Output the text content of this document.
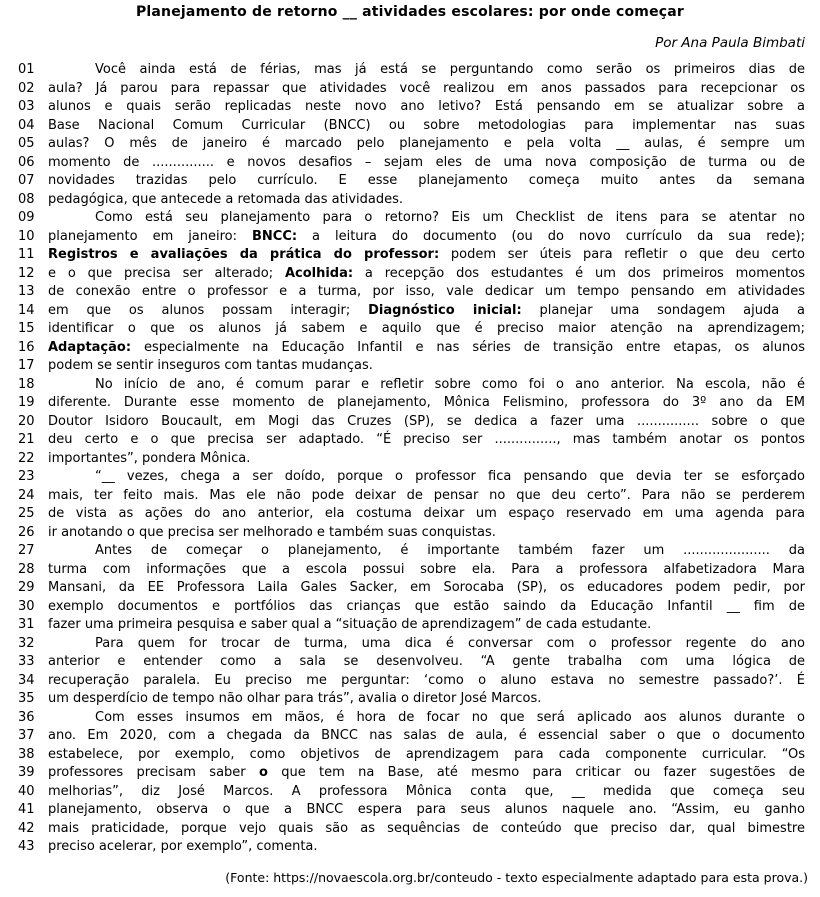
Planejamento de retorno __ atividades escolares: por onde começar
Por Ana Paula Bimbati
01	Você ainda está de férias, mas já está se perguntando como serão os primeiros dias de
02	aula? Já parou para repassar que atividades você realizou em anos passados para recepcionar os
03	alunos e quais serão replicadas neste novo ano letivo? Está pensando em se atualizar sobre a
04	Base Nacional Comum Curricular (BNCC) ou sobre metodologias para implementar nas suas
05	aulas? O mês de janeiro é marcado pelo planejamento e pela volta __ aulas, é sempre um
06	momento de ............... e novos desafios – sejam eles de uma nova composição de turma ou de
07	novidades trazidas pelo currículo. E esse planejamento começa muito antes da semana
08	pedagógica, que antecede a retomada das atividades.
09	Como está seu planejamento para o retorno? Eis um Checklist de itens para se atentar no
10	planejamento em janeiro: BNCC: a leitura do documento (ou do novo currículo da sua rede);
11	Registros e avaliações da prática do professor: podem ser úteis para refletir o que deu certo
12	e o que precisa ser alterado; Acolhida: a recepção dos estudantes é um dos primeiros momentos
13	de conexão entre o professor e a turma, por isso, vale dedicar um tempo pensando em atividades
14	em que os alunos possam interagir; Diagnóstico inicial: planejar uma sondagem ajuda a
15	identificar o que os alunos já sabem e aquilo que é preciso maior atenção na aprendizagem;
16	Adaptação: especialmente na Educação Infantil e nas séries de transição entre etapas, os alunos
17	podem se sentir inseguros com tantas mudanças.
18	No início de ano, é comum parar e refletir sobre como foi o ano anterior. Na escola, não é
19	diferente. Durante esse momento de planejamento, Mônica Felismino, professora do 3º ano da EM
20	Doutor Isidoro Boucault, em Mogi das Cruzes (SP), se dedica a fazer uma ............... sobre o que
21	deu certo e o que precisa ser adaptado. “É preciso ser ..............., mas também anotar os pontos
22	importantes”, pondera Mônica.
23	“__ vezes, chega a ser doído, porque o professor fica pensando que devia ter se esforçado
24	mais, ter feito mais. Mas ele não pode deixar de pensar no que deu certo”. Para não se perderem
25	de vista as ações do ano anterior, ela costuma deixar um espaço reservado em uma agenda para
26	ir anotando o que precisa ser melhorado e também suas conquistas.
27	Antes de começar o planejamento, é importante também fazer um ..................... da
28	turma com informações que a escola possui sobre ela. Para a professora alfabetizadora Mara
29	Mansani, da EE Professora Laila Gales Sacker, em Sorocaba (SP), os educadores podem pedir, por
30	exemplo documentos e portfólios das crianças que estão saindo da Educação Infantil __ fim de
31	fazer uma primeira pesquisa e saber qual a “situação de aprendizagem” de cada estudante.
32	Para quem for trocar de turma, uma dica é conversar com o professor regente do ano
33	anterior e entender como a sala se desenvolveu. “A gente trabalha com uma lógica de
34	recuperação paralela. Eu preciso me perguntar: ‘como o aluno estava no semestre passado?’. É
35	um desperdício de tempo não olhar para trás”, avalia o diretor José Marcos.
36	Com esses insumos em mãos, é hora de focar no que será aplicado aos alunos durante o
37	ano. Em 2020, com a chegada da BNCC nas salas de aula, é essencial saber o que o documento
38	estabelece, por exemplo, como objetivos de aprendizagem para cada componente curricular. “Os
39	professores precisam saber o que tem na Base, até mesmo para criticar ou fazer sugestões de
40	melhorias”, diz José Marcos. A professora Mônica conta que, __ medida que começa seu
41	planejamento, observa o que a BNCC espera para seus alunos naquele ano. “Assim, eu ganho
42	mais praticidade, porque vejo quais são as sequências de conteúdo que preciso dar, qual bimestre
43	preciso acelerar, por exemplo”, comenta.
(Fonte: https://novaescola.org.br/conteudo - texto especialmente adaptado para esta prova.)
